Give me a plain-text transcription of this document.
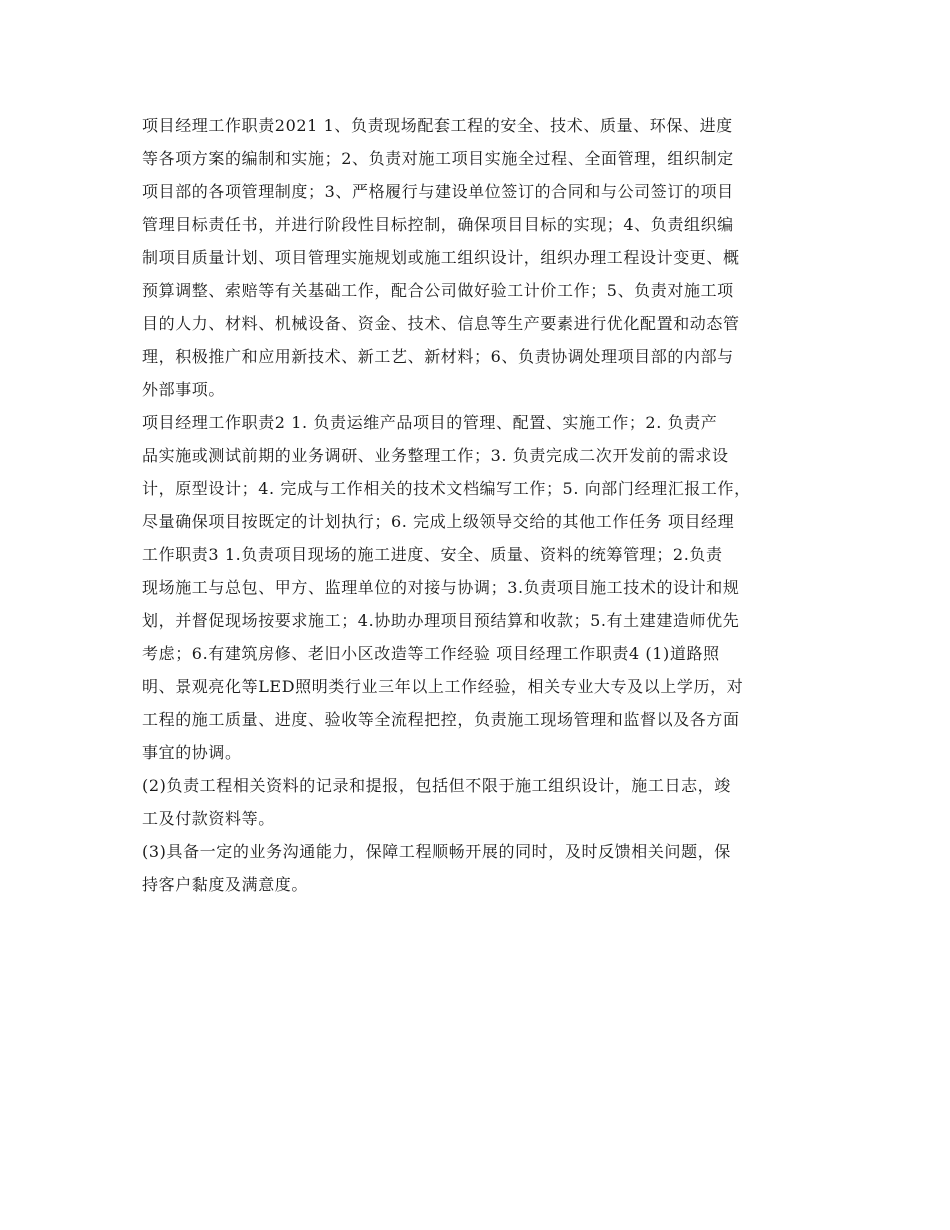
项目经理工作职责2021 1、负责现场配套工程的安全、技术、质量、环保、进度
等各项方案的编制和实施；2、负责对施工项目实施全过程、全面管理，组织制定
项目部的各项管理制度；3、严格履行与建设单位签订的合同和与公司签订的项目
管理目标责任书，并进行阶段性目标控制，确保项目目标的实现；4、负责组织编
制项目质量计划、项目管理实施规划或施工组织设计，组织办理工程设计变更、概
预算调整、索赔等有关基础工作，配合公司做好验工计价工作；5、负责对施工项
目的人力、材料、机械设备、资金、技术、信息等生产要素进行优化配置和动态管
理，积极推广和应用新技术、新工艺、新材料；6、负责协调处理项目部的内部与
外部事项。
项目经理工作职责2 1. 负责运维产品项目的管理、配置、实施工作；2. 负责产
品实施或测试前期的业务调研、业务整理工作；3. 负责完成二次开发前的需求设
计，原型设计；4. 完成与工作相关的技术文档编写工作；5. 向部门经理汇报工作，
尽量确保项目按既定的计划执行；6. 完成上级领导交给的其他工作任务 项目经理
工作职责3 1.负责项目现场的施工进度、安全、质量、资料的统筹管理；2.负责
现场施工与总包、甲方、监理单位的对接与协调；3.负责项目施工技术的设计和规
划，并督促现场按要求施工；4.协助办理项目预结算和收款；5.有土建建造师优先
考虑；6.有建筑房修、老旧小区改造等工作经验 项目经理工作职责4 (1)道路照
明、景观亮化等LED照明类行业三年以上工作经验，相关专业大专及以上学历，对
工程的施工质量、进度、验收等全流程把控，负责施工现场管理和监督以及各方面
事宜的协调。
(2)负责工程相关资料的记录和提报，包括但不限于施工组织设计，施工日志，竣
工及付款资料等。
(3)具备一定的业务沟通能力，保障工程顺畅开展的同时，及时反馈相关问题，保
持客户黏度及满意度。
